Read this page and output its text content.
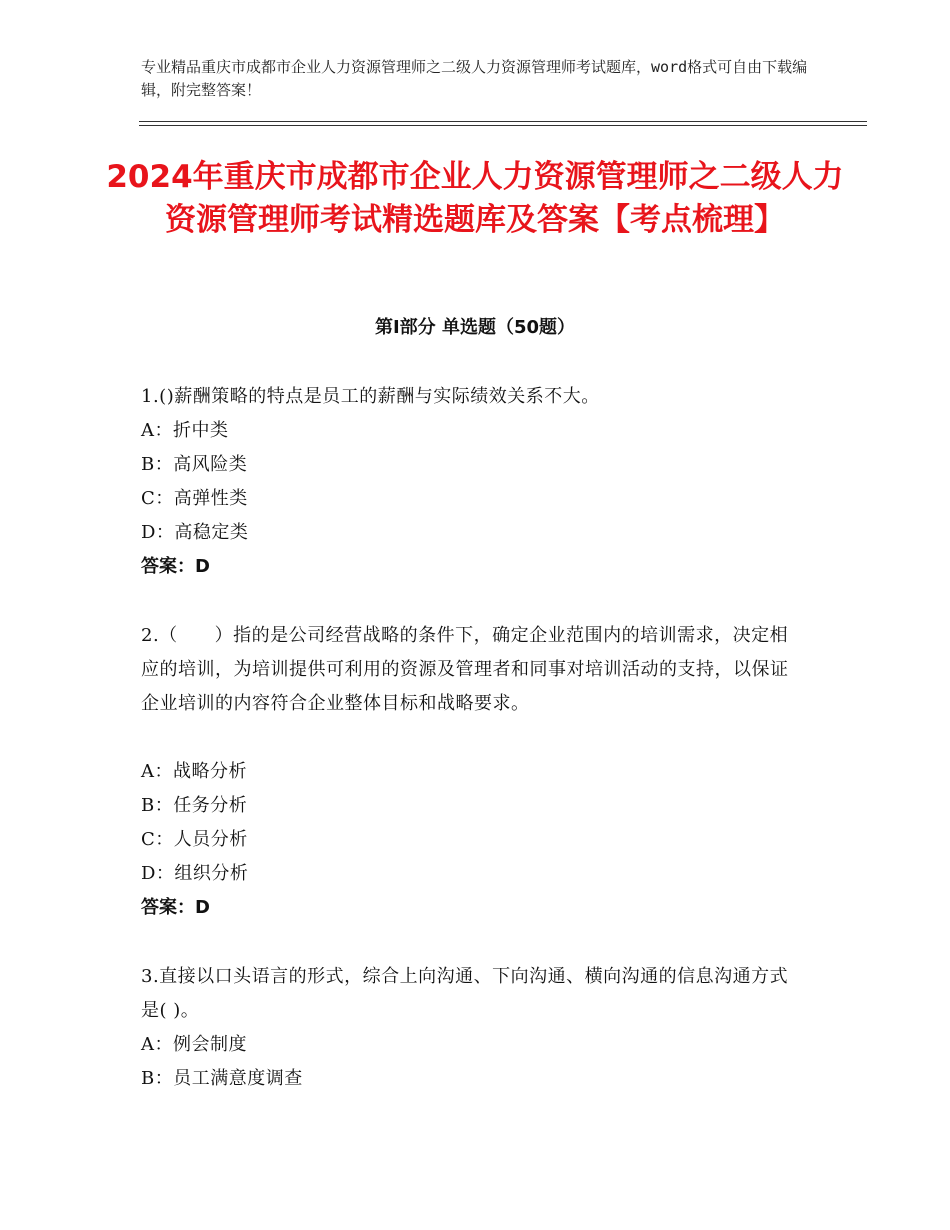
专业精品重庆市成都市企业人力资源管理师之二级人力资源管理师考试题库，word格式可自由下载编辑，附完整答案！
2024年重庆市成都市企业人力资源管理师之二级人力资源管理师考试精选题库及答案【考点梳理】
第Ⅰ部分 单选题（50题）
1.()薪酬策略的特点是员工的薪酬与实际绩效关系不大。
A：折中类
B：高风险类
C：高弹性类
D：高稳定类
答案：D
2.（　　）指的是公司经营战略的条件下，确定企业范围内的培训需求，决定相应的培训，为培训提供可利用的资源及管理者和同事对培训活动的支持，以保证企业培训的内容符合企业整体目标和战略要求。
A：战略分析
B：任务分析
C：人员分析
D：组织分析
答案：D
3.直接以口头语言的形式，综合上向沟通、下向沟通、横向沟通的信息沟通方式是( )。
A：例会制度
B：员工满意度调查
